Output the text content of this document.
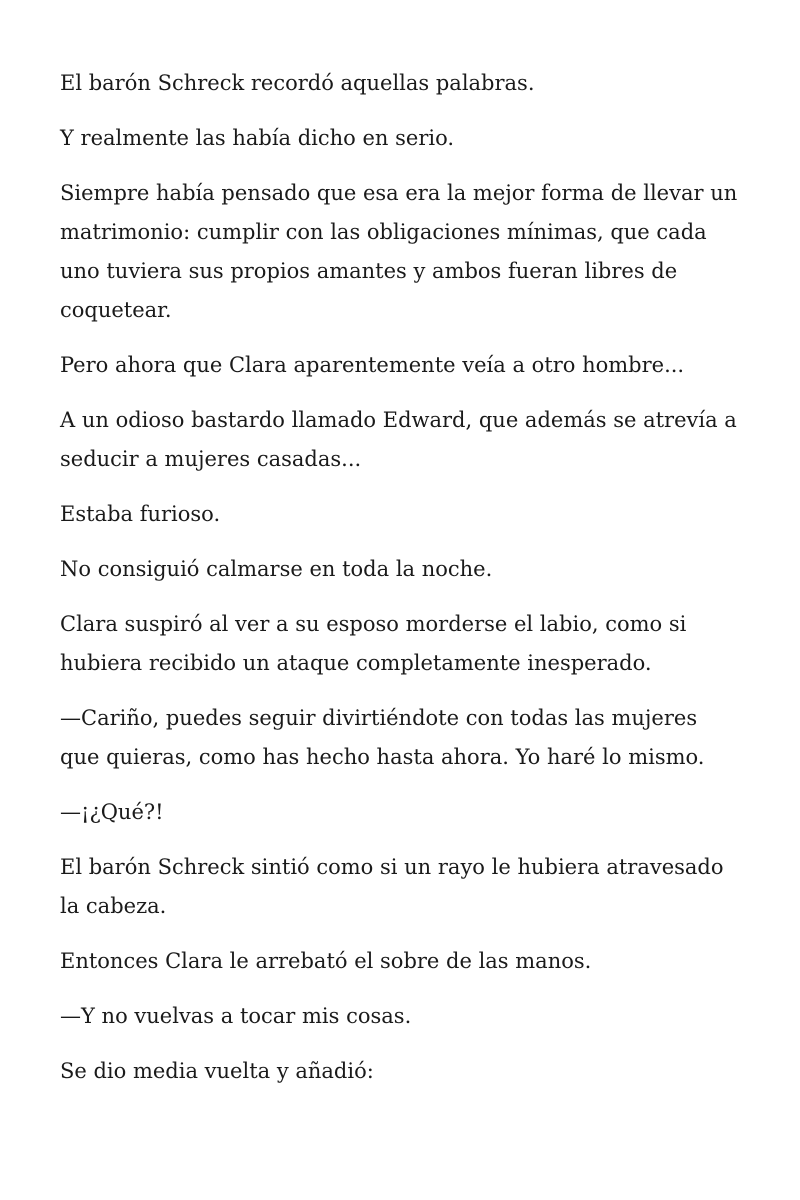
El barón Schreck recordó aquellas palabras.

Y realmente las había dicho en serio.

Siempre había pensado que esa era la mejor forma de llevar un matrimonio: cumplir con las obligaciones mínimas, que cada uno tuviera sus propios amantes y ambos fueran libres de coquetear.

Pero ahora que Clara aparentemente veía a otro hombre...

A un odioso bastardo llamado Edward, que además se atrevía a seducir a mujeres casadas...

Estaba furioso.

No consiguió calmarse en toda la noche.

Clara suspiró al ver a su esposo morderse el labio, como si hubiera recibido un ataque completamente inesperado.

—Cariño, puedes seguir divirtiéndote con todas las mujeres que quieras, como has hecho hasta ahora. Yo haré lo mismo.

—¡¿Qué?!

El barón Schreck sintió como si un rayo le hubiera atravesado la cabeza.

Entonces Clara le arrebató el sobre de las manos.

—Y no vuelvas a tocar mis cosas.

Se dio media vuelta y añadió:
